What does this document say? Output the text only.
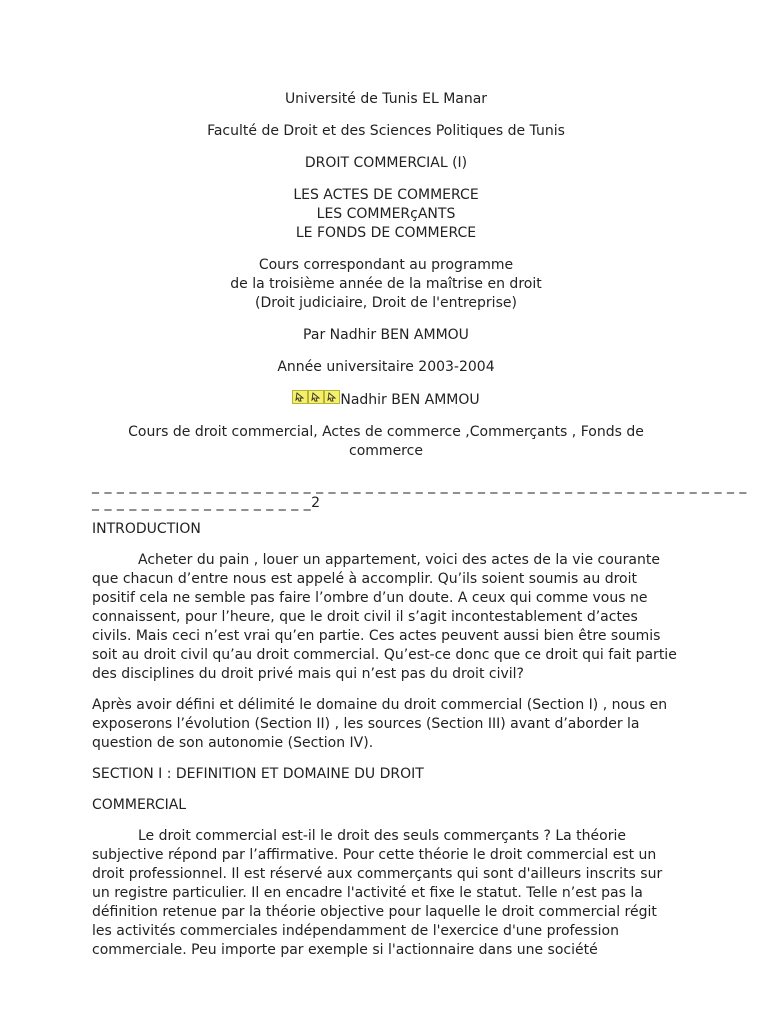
Université de Tunis EL Manar

Faculté de Droit et des Sciences Politiques de Tunis

DROIT COMMERCIAL (I)

LES ACTES DE COMMERCE
LES COMMERçANTS
LE FONDS DE COMMERCE

Cours correspondant au programme
de la troisième année de la maîtrise en droit
(Droit judiciaire, Droit de l'entreprise)

Par Nadhir BEN AMMOU

Année universitaire 2003-2004

Nadhir BEN AMMOU

Cours de droit commercial, Actes de commerce ,Commerçants , Fonds de
commerce

_ _ _ _ _ _ _ _ _ _ _ _ _ _ _ _ _ _ _ _ _ _ _ _ _ _ _ _ _ _ _ _ _ _ _ _ _ _ _ _ _ _ _ _ _ _ _ _ _ _ _ _ _
_ _ _ _ _ _ _ _ _ _ _ _ _ _ _ _ _ _2

INTRODUCTION

Acheter du pain , louer un appartement, voici des actes de la vie courante que chacun d’entre nous est appelé à accomplir. Qu’ils soient soumis au droit positif cela ne semble pas faire l’ombre d’un doute. A ceux qui comme vous ne connaissent, pour l’heure, que le droit civil il s’agit incontestablement d’actes civils. Mais ceci n’est vrai qu’en partie. Ces actes peuvent aussi bien être soumis soit au droit civil qu’au droit commercial. Qu’est-ce donc que ce droit qui fait partie des disciplines du droit privé mais qui n’est pas du droit civil?

Après avoir défini et délimité le domaine du droit commercial (Section I) , nous en exposerons l’évolution (Section II) , les sources (Section III) avant d’aborder la question de son autonomie (Section IV).

SECTION I : DEFINITION ET DOMAINE DU DROIT

COMMERCIAL

Le droit commercial est-il le droit des seuls commerçants ? La théorie subjective répond par l’affirmative. Pour cette théorie le droit commercial est un droit professionnel. Il est réservé aux commerçants qui sont d'ailleurs inscrits sur un registre particulier. Il en encadre l'activité et fixe le statut. Telle n’est pas la définition retenue par la théorie objective pour laquelle le droit commercial régit les activités commerciales indépendamment de l'exercice d'une profession commerciale. Peu importe par exemple si l'actionnaire dans une société
